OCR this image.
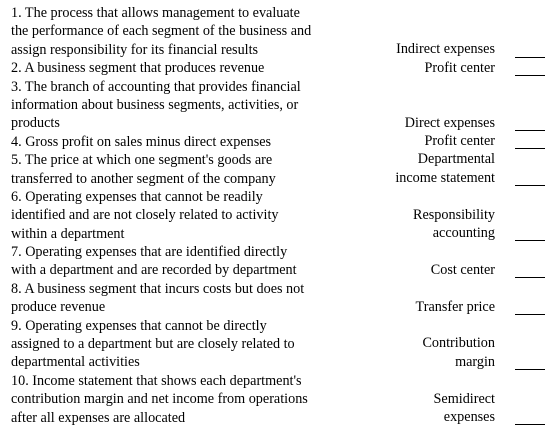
1. The process that allows management to evaluate
the performance of each segment of the business and
assign responsibility for its financial results
2. A business segment that produces revenue
3. The branch of accounting that provides financial
information about business segments, activities, or
products
4. Gross profit on sales minus direct expenses
5. The price at which one segment's goods are
transferred to another segment of the company
6. Operating expenses that cannot be readily
identified and are not closely related to activity
within a department
7. Operating expenses that are identified directly
with a department and are recorded by department
8. A business segment that incurs costs but does not
produce revenue
9. Operating expenses that cannot be directly
assigned to a department but are closely related to
departmental activities
10. Income statement that shows each department's
contribution margin and net income from operations
after all expenses are allocated
Indirect expenses
Profit center
Direct expenses
Profit center
Departmental
income statement
Responsibility
accounting
Cost center
Transfer price
Contribution
margin
Semidirect
expenses
